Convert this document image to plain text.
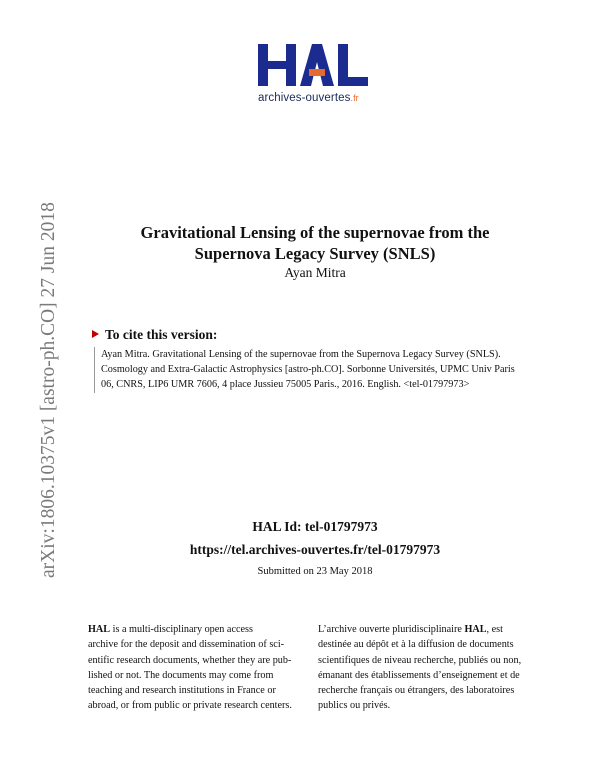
archives-ouvertes.fr
arXiv:1806.10375v1 [astro-ph.CO] 27 Jun 2018	Gravitational Lensing of the supernovae from the
Supernova Legacy Survey (SNLS)
Ayan Mitra
To cite this version:
Ayan Mitra. Gravitational Lensing of the supernovae from the Supernova Legacy Survey (SNLS).
Cosmology and Extra-Galactic Astrophysics [astro-ph.CO]. Sorbonne Universités, UPMC Univ Paris
06, CNRS, LIP6 UMR 7606, 4 place Jussieu 75005 Paris., 2016. English. <tel-01797973>
HAL Id: tel-01797973
https://tel.archives-ouvertes.fr/tel-01797973
Submitted on 23 May 2018
HAL is a multi-disciplinary open access
archive for the deposit and dissemination of sci-
entific research documents, whether they are pub-
lished or not. The documents may come from
teaching and research institutions in France or
abroad, or from public or private research centers.
L’archive ouverte pluridisciplinaire HAL, est
destinée au dépôt et à la diffusion de documents
scientifiques de niveau recherche, publiés ou non,
émanant des établissements d’enseignement et de
recherche français ou étrangers, des laboratoires
publics ou privés.
